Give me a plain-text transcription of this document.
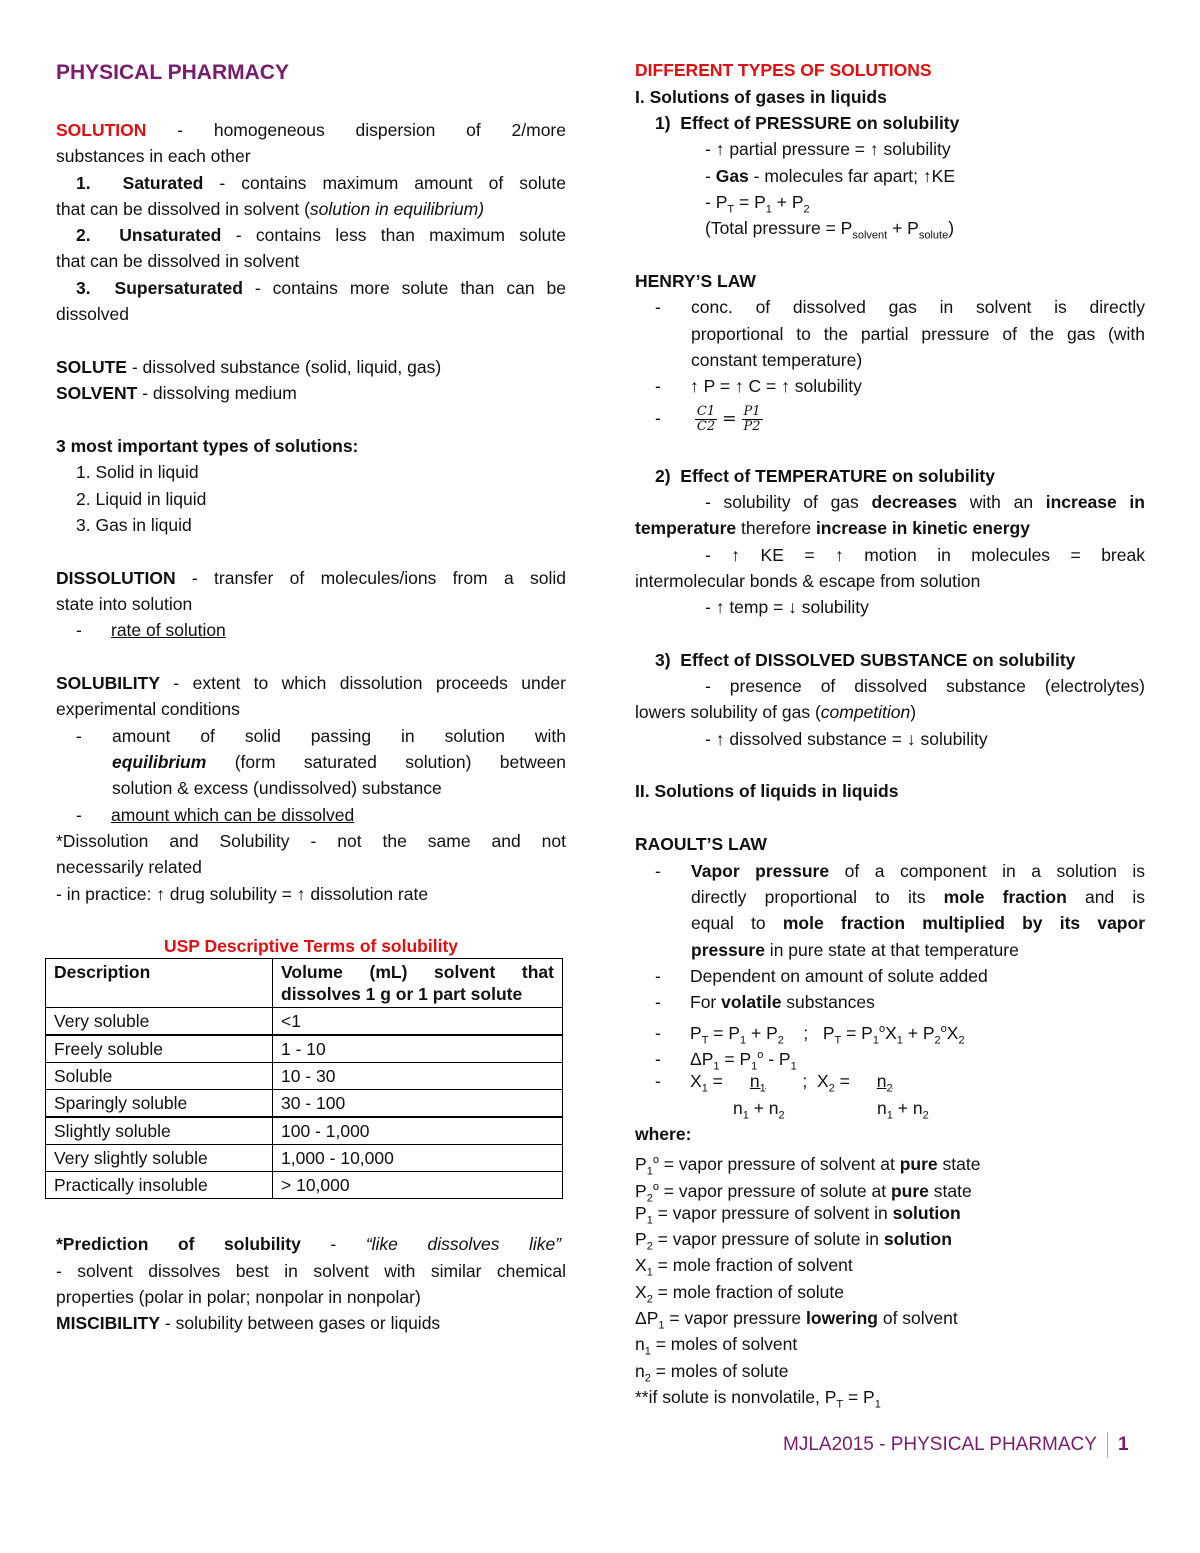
PHYSICAL PHARMACY
SOLUTION - homogeneous dispersion of 2/more
substances in each other
1. Saturated - contains maximum amount of solute
that can be dissolved in solvent (solution in equilibrium)
2. Unsaturated - contains less than maximum solute
that can be dissolved in solvent
3. Supersaturated - contains more solute than can be
dissolved
SOLUTE - dissolved substance (solid, liquid, gas)
SOLVENT - dissolving medium
3 most important types of solutions:
1. Solid in liquid
2. Liquid in liquid
3. Gas in liquid
DISSOLUTION - transfer of molecules/ions from a solid
state into solution
-      rate of solution
SOLUBILITY - extent to which dissolution proceeds under
experimental conditions
- amount of solid passing in solution with
equilibrium (form saturated solution) between
solution & excess (undissolved) substance
-      amount which can be dissolved
*Dissolution and Solubility - not the same and not
necessarily related
- in practice: ↑ drug solubility = ↑ dissolution rate
USP Descriptive Terms of solubility
*Prediction of solubility - “like dissolves like”
- solvent dissolves best in solvent with similar chemical
properties (polar in polar; nonpolar in nonpolar)
MISCIBILITY - solubility between gases or liquids
Description	Volume (mL) solvent that
dissolves 1 g or 1 part solute

Very soluble	<1
Freely soluble	1 - 10
Soluble	10 - 30
Sparingly soluble	30 - 100
Slightly soluble	100 - 1,000
Very slightly soluble	1,000 - 10,000
Practically insoluble	> 10,000
DIFFERENT TYPES OF SOLUTIONS
I. Solutions of gases in liquids
1) Effect of PRESSURE on solubility
- ↑ partial pressure = ↑ solubility
- Gas - molecules far apart; ↑KE
- $P_T = P_1 + P_2$
(Total pressure = $P_{solvent} + P_{solute}$)
HENRY’S LAW
- conc. of dissolved gas in solvent is directly
proportional to the partial pressure of the gas (with
constant temperature)
-      ↑ P = ↑ C = ↑ solubility
- $\frac{C1}{C2} = \frac{P1}{P2}$
2) Effect of TEMPERATURE on solubility
- solubility of gas decreases with an increase in
temperature therefore increase in kinetic energy
- ↑ KE = ↑ motion in molecules = break
intermolecular bonds & escape from solution
- ↑ temp = ↓ solubility
3) Effect of DISSOLVED SUBSTANCE on solubility
- presence of dissolved substance (electrolytes)
lowers solubility of gas (competition)
- ↑ dissolved substance = ↓ solubility
II. Solutions of liquids in liquids
RAOULT’S LAW
- Vapor pressure of a component in a solution is
directly proportional to its mole fraction and is
equal to mole fraction multiplied by its vapor
pressure in pure state at that temperature
-      Dependent on amount of solute added
-      For volatile substances
-      $P_T = P_1 + P_2$    ;   $P_T = P_1^oX_1 + P_2^oX_2$
-      $\Delta P_1 = P_1^o - P_1$
-      $X_1 = n_1$   ;  $X_2 = n_2$
$n_1 + n_2$                   $n_1 + n_2$
where:
$P_1^o$ = vapor pressure of solvent at pure state
$P_2^o$ = vapor pressure of solute at pure state
$P_1$ = vapor pressure of solvent in solution
$P_2$ = vapor pressure of solute in solution
$X_1$ = mole fraction of solvent
$X_2$ = mole fraction of solute
$\Delta P_1$ = vapor pressure lowering of solvent
$n_1$ = moles of solvent
$n_2$ = moles of solute
**if solute is nonvolatile, $P_T = P_1$
MJLA2015 - PHYSICAL PHARMACY 1
